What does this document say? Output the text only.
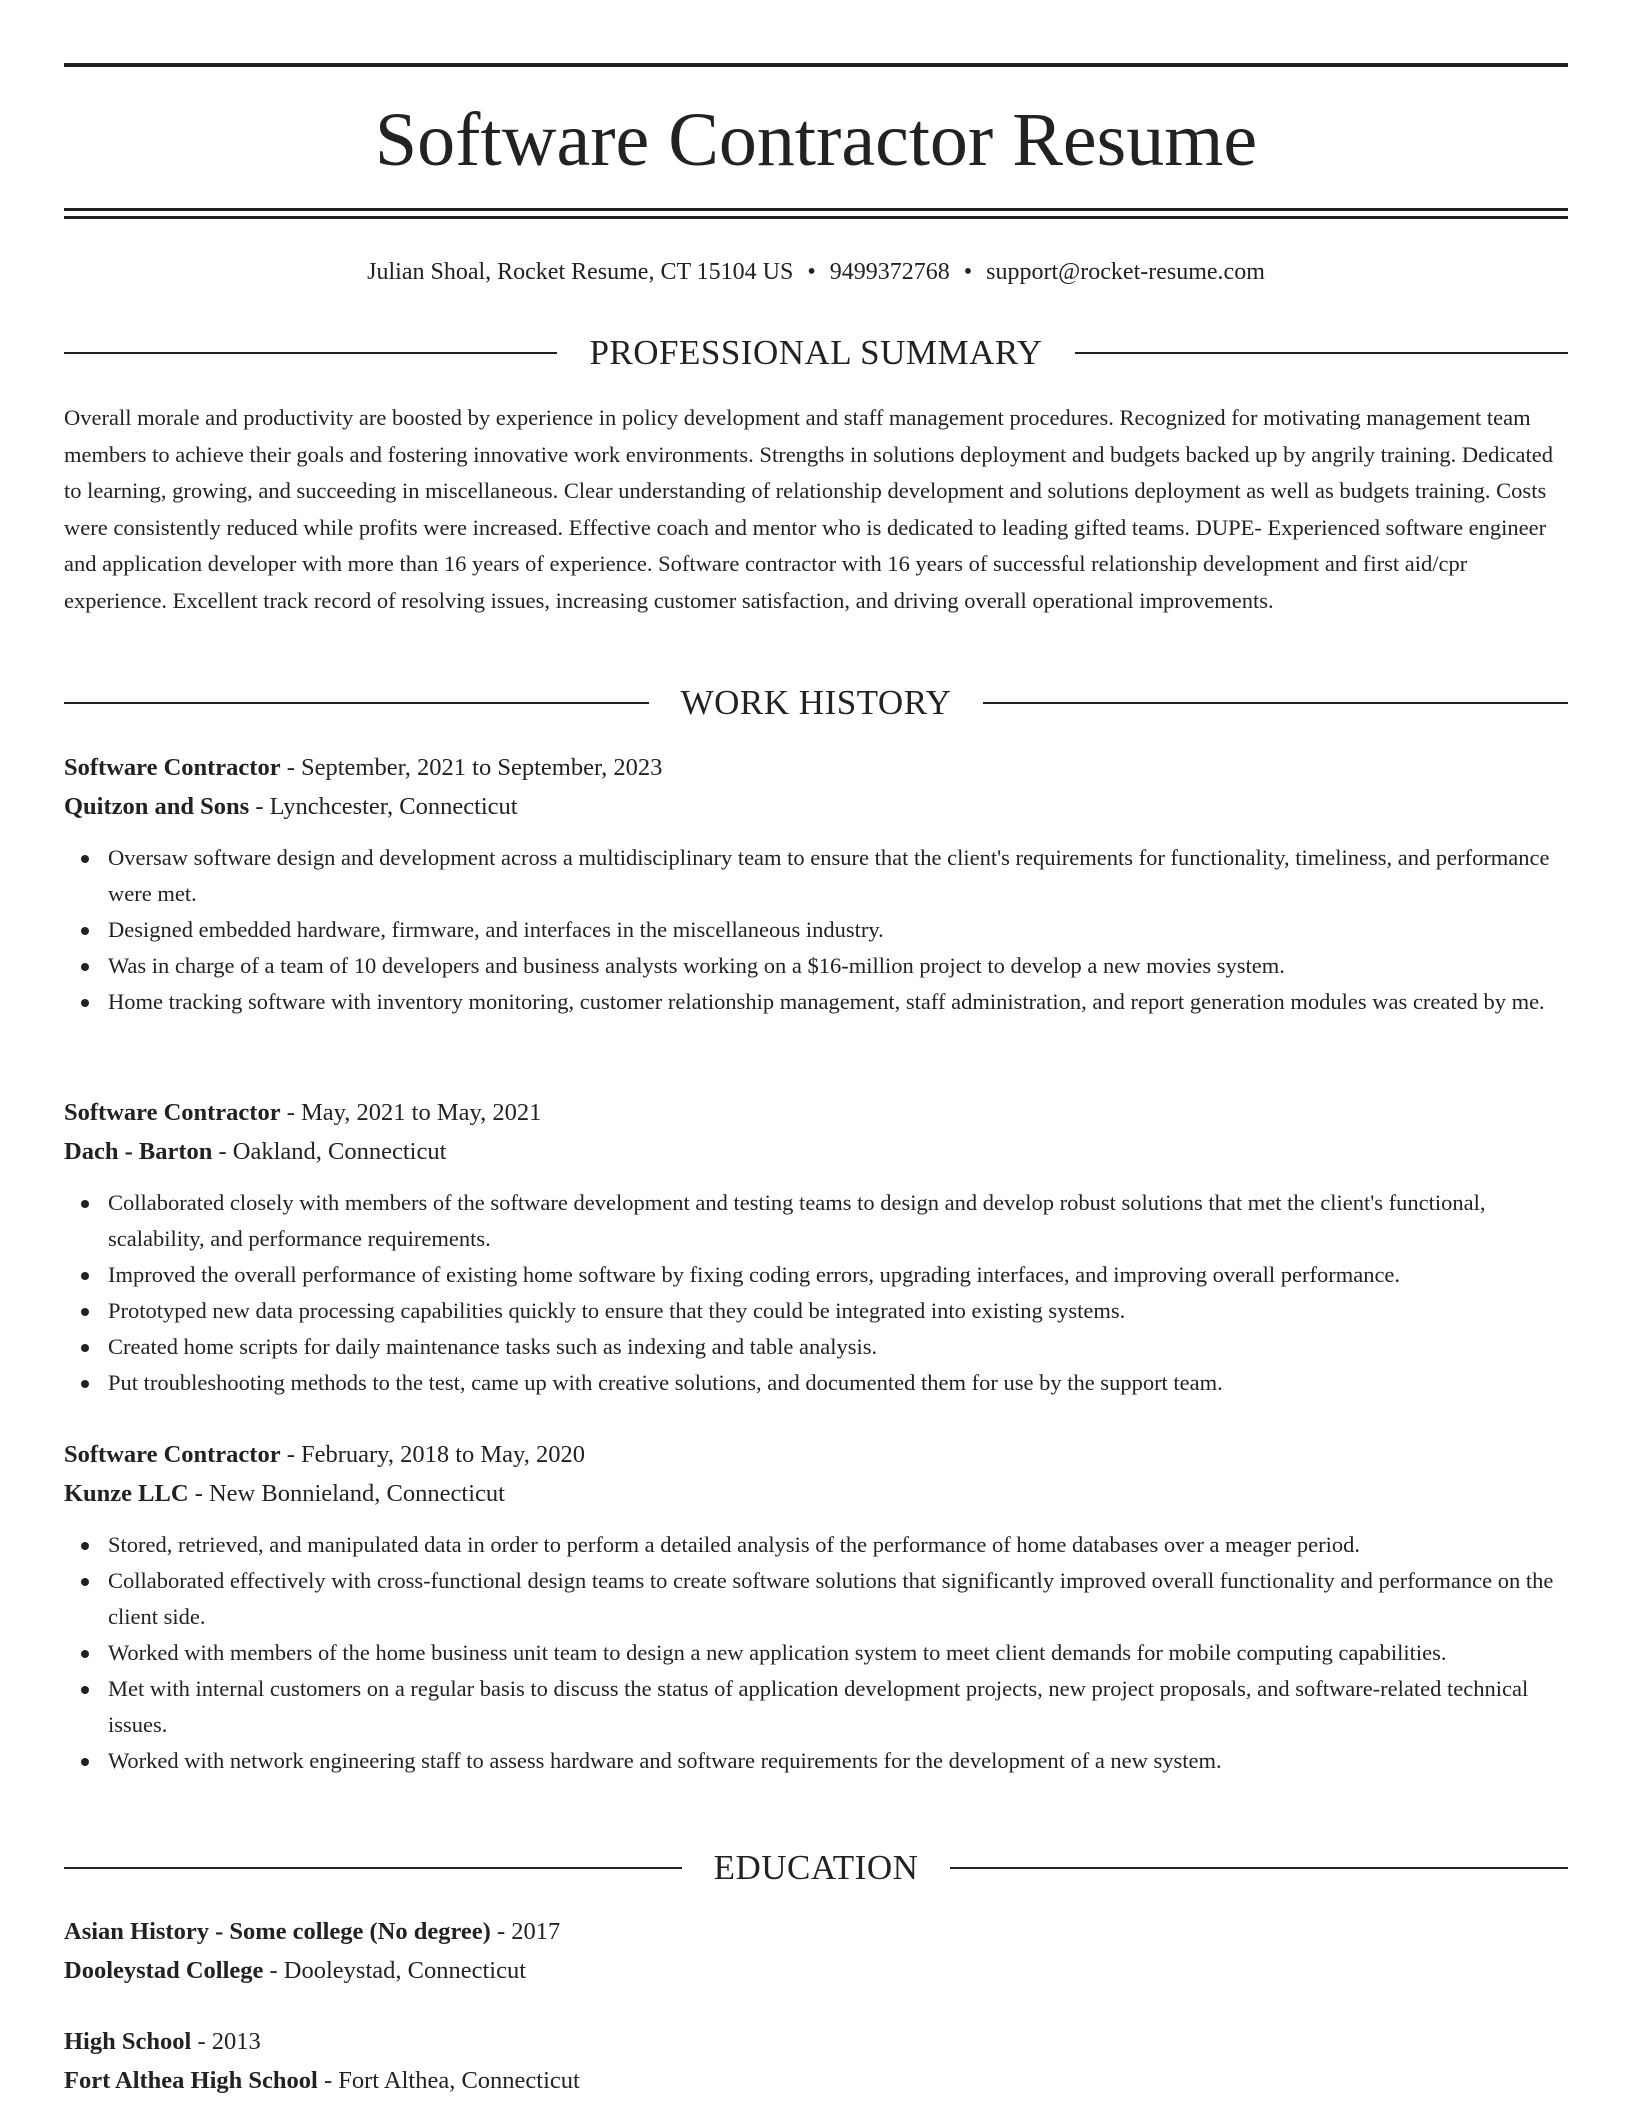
Software Contractor Resume
Julian Shoal, Rocket Resume, CT 15104 US • 9499372768 • support@rocket-resume.com
PROFESSIONAL SUMMARY

Overall morale and productivity are boosted by experience in policy development and staff management procedures. Recognized for motivating management team members to achieve their goals and fostering innovative work environments. Strengths in solutions deployment and budgets backed up by angrily training. Dedicated to learning, growing, and succeeding in miscellaneous. Clear understanding of relationship development and solutions deployment as well as budgets training. Costs were consistently reduced while profits were increased. Effective coach and mentor who is dedicated to leading gifted teams. DUPE- Experienced software engineer and application developer with more than 16 years of experience. Software contractor with 16 years of successful relationship development and first aid/cpr experience. Excellent track record of resolving issues, increasing customer satisfaction, and driving overall operational improvements.

WORK HISTORY

Software Contractor - September, 2021 to September, 2023

Quitzon and Sons - Lynchcester, Connecticut

Oversaw software design and development across a multidisciplinary team to ensure that the client's requirements for functionality, timeliness, and performance were met.
Designed embedded hardware, firmware, and interfaces in the miscellaneous industry.
Was in charge of a team of 10 developers and business analysts working on a $16-million project to develop a new movies system.
Home tracking software with inventory monitoring, customer relationship management, staff administration, and report generation modules was created by me.

Software Contractor - May, 2021 to May, 2021

Dach - Barton - Oakland, Connecticut

Collaborated closely with members of the software development and testing teams to design and develop robust solutions that met the client's functional, scalability, and performance requirements.
Improved the overall performance of existing home software by fixing coding errors, upgrading interfaces, and improving overall performance.
Prototyped new data processing capabilities quickly to ensure that they could be integrated into existing systems.
Created home scripts for daily maintenance tasks such as indexing and table analysis.
Put troubleshooting methods to the test, came up with creative solutions, and documented them for use by the support team.

Software Contractor - February, 2018 to May, 2020

Kunze LLC - New Bonnieland, Connecticut

Stored, retrieved, and manipulated data in order to perform a detailed analysis of the performance of home databases over a meager period.
Collaborated effectively with cross-functional design teams to create software solutions that significantly improved overall functionality and performance on the client side.
Worked with members of the home business unit team to design a new application system to meet client demands for mobile computing capabilities.
Met with internal customers on a regular basis to discuss the status of application development projects, new project proposals, and software-related technical issues.
Worked with network engineering staff to assess hardware and software requirements for the development of a new system.
EDUCATION

Asian History - Some college (No degree) - 2017

Dooleystad College - Dooleystad, Connecticut

High School - 2013

Fort Althea High School - Fort Althea, Connecticut
